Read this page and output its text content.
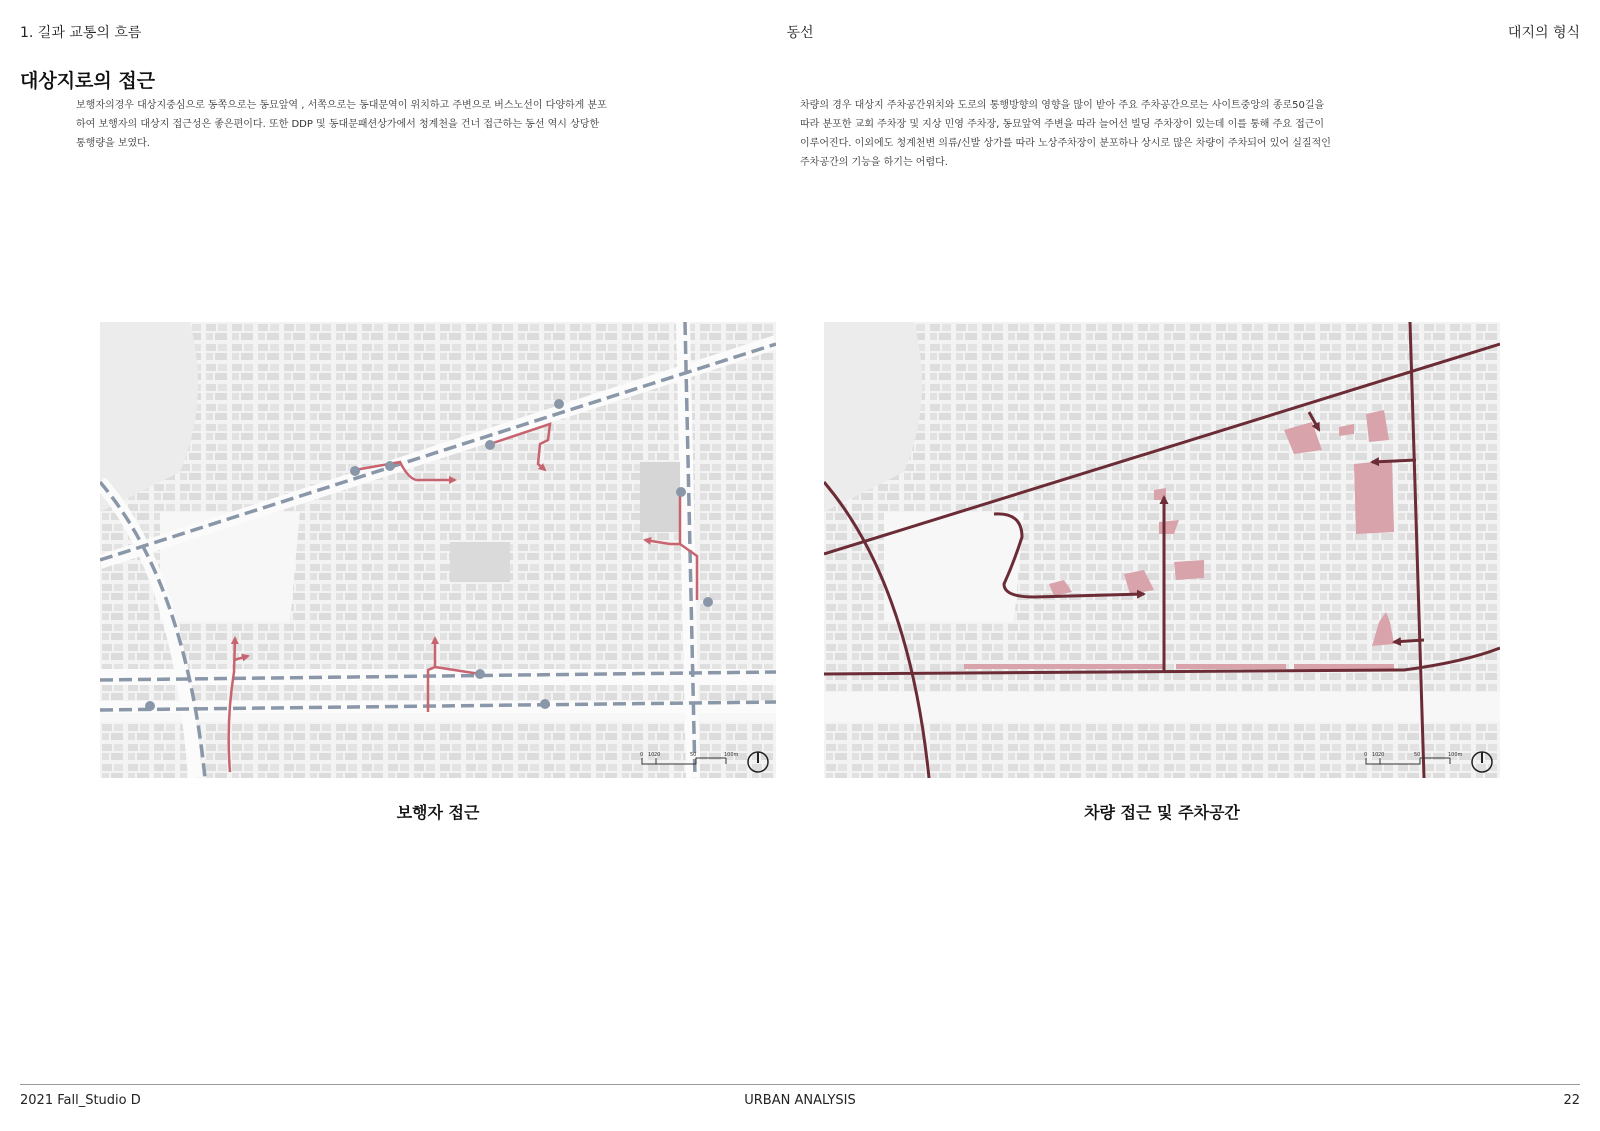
1. 길과 교통의 흐름	동선	대지의 형식
대상지로의 접근

보행자의경우 대상지중심으로 동쪽으로는 동묘앞역 , 서쪽으로는 동대문역이 위치하고 주변으로 버스노선이 다양하게 분포
하여 보행자의 대상지 접근성은 좋은편이다. 또한 DDP 및 동대문패션상가에서 청계천을 건너 접근하는 동선 역시 상당한
통행량을 보였다.

차량의 경우 대상지 주차공간위치와 도로의 통행방향의 영향을 많이 받아 주요 주차공간으로는 사이트중앙의 종로50길을
따라 분포한 교회 주차장 및 지상 민영 주차장, 동묘앞역 주변을 따라 늘어선 빌딩 주차장이 있는데 이를 통해 주요 접근이
이루어진다. 이외에도 청계천변 의류/신발 상가를 따라 노상주차장이 분포하나 상시로 많은 차량이 주차되어 있어 실질적인
주차공간의 기능을 하기는 어렵다.

0 10 20	50	100m	0 10 20	50	100m
보행자 접근	차량 접근 및 주차공간
2021 Fall_Studio D	URBAN ANALYSIS	22
